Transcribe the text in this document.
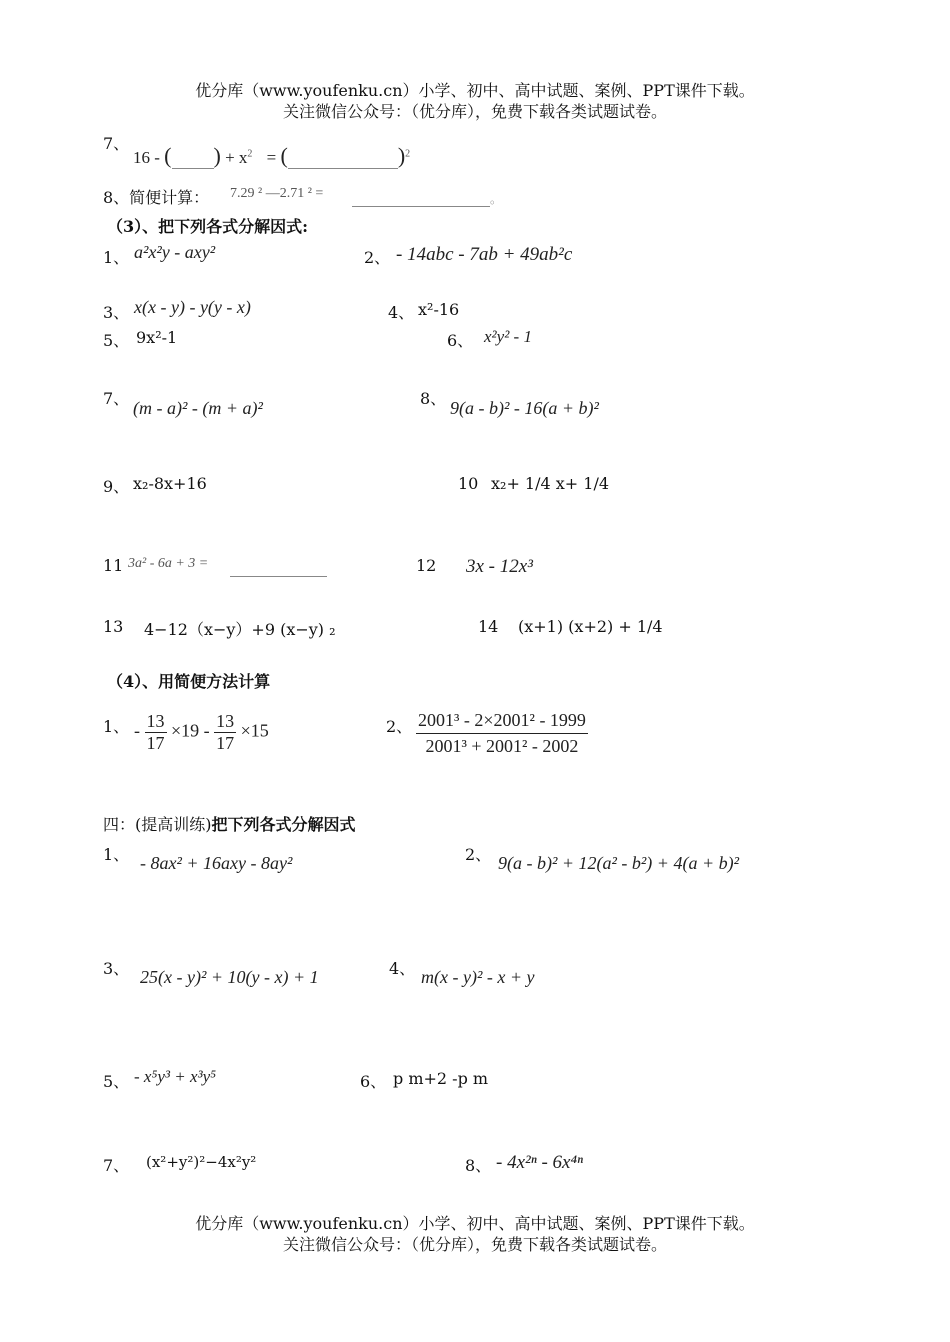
优分库（www.youfenku.cn）小学、初中、高中试题、案例、PPT课件下载。
关注微信公众号：（优分库），免费下载各类试题试卷。
7、
16 - ( ) + $x^2$ = (	)$^2$
8、简便计算： 7.29 ² —2.71 ² =	。
（3）、把下列各式分解因式:
1、 a²x²y - axy²	2、 - 14abc - 7ab + 49ab²c
3、 x(x - y) - y(y - x)	4、 x²-16
5、 9x²-1	6、 x²y² - 1
7、 (m - a)² - (m + a)²	8、 9(a - b)² - 16(a + b)²
9、 x₂-8x+16	10 x₂+ 1/4 x+ 1/4
11 3a² - 6a + 3 =	12 3x - 12x³
13 4−12（x−y）+9 (x−y) ₂	14 (x+1) (x+2) + 1/4
（4）、用简便方法计算
1、 - $\frac{13}{17} \times 19 - \frac{13}{17} \times 15$	2、 $\frac{\text{2001³ - 2×2001² - 1999}}{\text{2001³ + 2001² - 2002}}$
四：(提高训练)把下列各式分解因式
1、 - 8ax² + 16axy - 8ay²	2、 9(a - b)² + 12(a² - b²) + 4(a + b)²
3、 25(x - y)² + 10(y - x) + 1	4、 m(x - y)² - x + y
5、 - x⁵y³ + x³y⁵	6、 p m+2 -p m
7、 (x²+y²)²−4x²y²	8、 - 4x²ⁿ - 6x⁴ⁿ
优分库（www.youfenku.cn）小学、初中、高中试题、案例、PPT课件下载。
关注微信公众号：（优分库），免费下载各类试题试卷。
